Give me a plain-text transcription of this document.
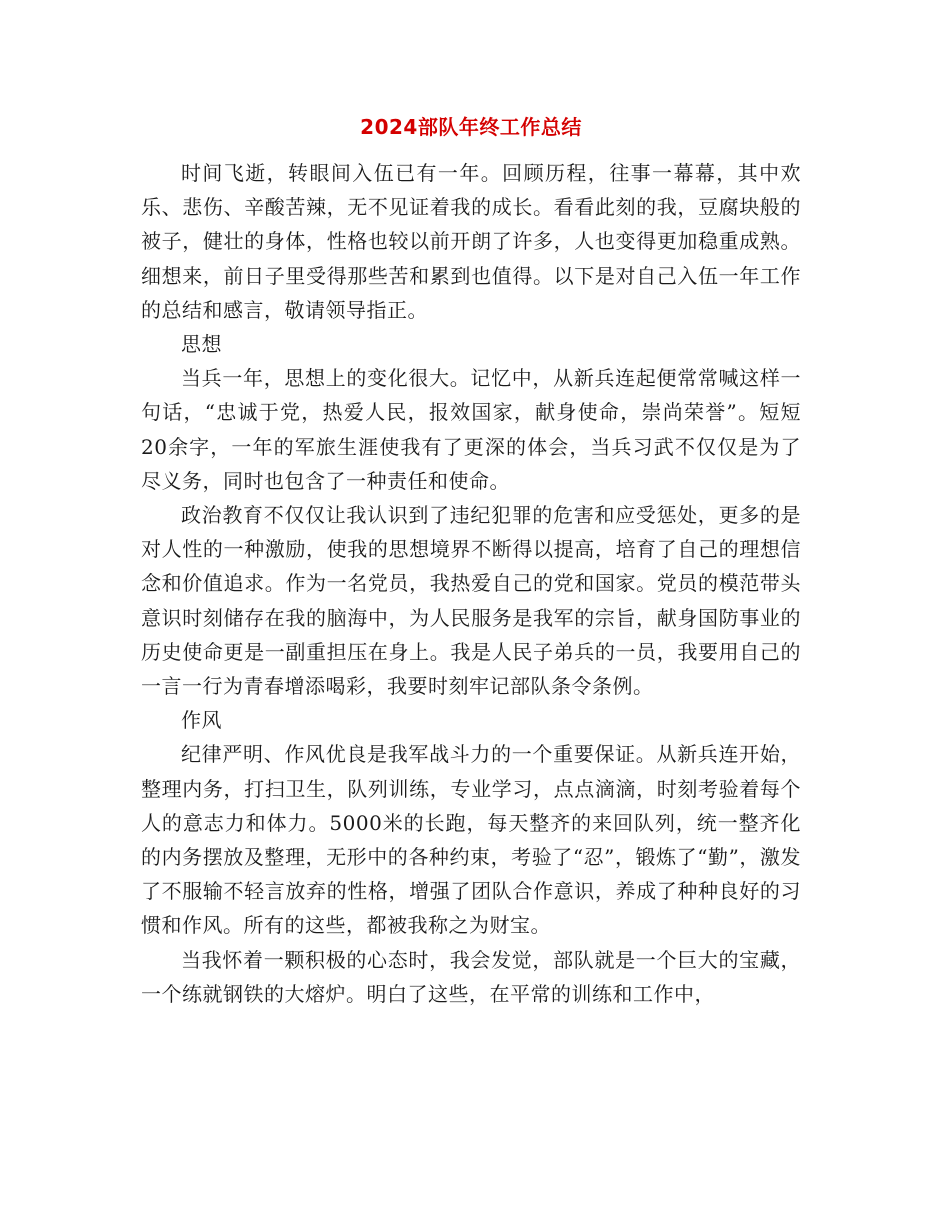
2024部队年终工作总结

时间飞逝，转眼间入伍已有一年。回顾历程，往事一幕幕，其中欢乐、悲伤、辛酸苦辣，无不见证着我的成长。看看此刻的我，豆腐块般的被子，健壮的身体，性格也较以前开朗了许多，人也变得更加稳重成熟。细想来，前日子里受得那些苦和累到也值得。以下是对自己入伍一年工作的总结和感言，敬请领导指正。

思想

当兵一年，思想上的变化很大。记忆中，从新兵连起便常常喊这样一句话，“忠诚于党，热爱人民，报效国家，献身使命，崇尚荣誉”。短短20余字，一年的军旅生涯使我有了更深的体会，当兵习武不仅仅是为了尽义务，同时也包含了一种责任和使命。

政治教育不仅仅让我认识到了违纪犯罪的危害和应受惩处，更多的是对人性的一种激励，使我的思想境界不断得以提高，培育了自己的理想信念和价值追求。作为一名党员，我热爱自己的党和国家。党员的模范带头意识时刻储存在我的脑海中，为人民服务是我军的宗旨，献身国防事业的历史使命更是一副重担压在身上。我是人民子弟兵的一员，我要用自己的一言一行为青春增添喝彩，我要时刻牢记部队条令条例。

作风

纪律严明、作风优良是我军战斗力的一个重要保证。从新兵连开始，整理内务，打扫卫生，队列训练，专业学习，点点滴滴，时刻考验着每个人的意志力和体力。5000米的长跑，每天整齐的来回队列，统一整齐化的内务摆放及整理，无形中的各种约束，考验了“忍”，锻炼了“勤”，激发了不服输不轻言放弃的性格，增强了团队合作意识，养成了种种良好的习惯和作风。所有的这些，都被我称之为财宝。

当我怀着一颗积极的心态时，我会发觉，部队就是一个巨大的宝藏，一个练就钢铁的大熔炉。明白了这些，在平常的训练和工作中，
